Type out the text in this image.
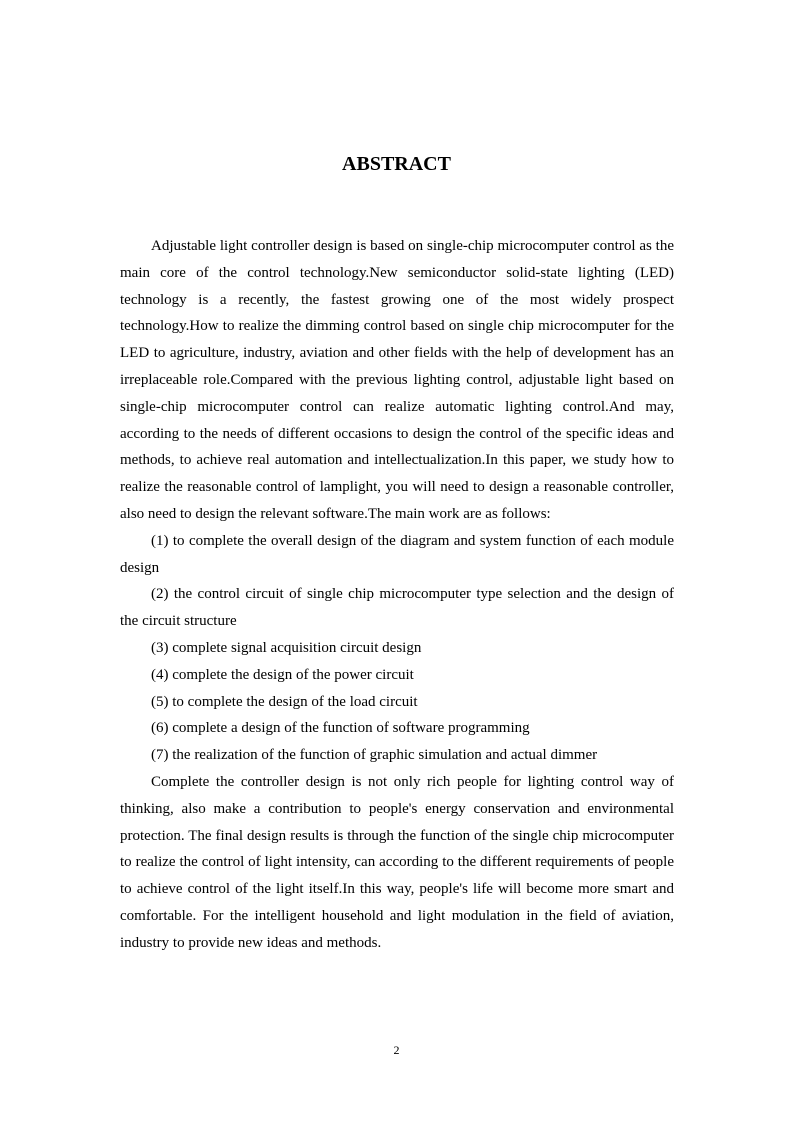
ABSTRACT

Adjustable light controller design is based on single-chip microcomputer control as the main core of the control technology.New semiconductor solid-state lighting (LED) technology is a recently, the fastest growing one of the most widely prospect technology.How to realize the dimming control based on single chip microcomputer for the LED to agriculture, industry, aviation and other fields with the help of development has an irreplaceable role.Compared with the previous lighting control, adjustable light based on single-chip microcomputer control can realize automatic lighting control.And may, according to the needs of different occasions to design the control of the specific ideas and methods, to achieve real automation and intellectualization.In this paper, we study how to realize the reasonable control of lamplight, you will need to design a reasonable controller, also need to design the relevant software.The main work are as follows:

(1) to complete the overall design of the diagram and system function of each module design

(2) the control circuit of single chip microcomputer type selection and the design of the circuit structure

(3) complete signal acquisition circuit design

(4) complete the design of the power circuit

(5) to complete the design of the load circuit

(6) complete a design of the function of software programming

(7) the realization of the function of graphic simulation and actual dimmer

Complete the controller design is not only rich people for lighting control way of thinking, also make a contribution to people's energy conservation and environmental protection. The final design results is through the function of the single chip microcomputer to realize the control of light intensity, can according to the different requirements of people to achieve control of the light itself.In this way, people's life will become more smart and comfortable. For the intelligent household and light modulation in the field of aviation, industry to provide new ideas and methods.

2
